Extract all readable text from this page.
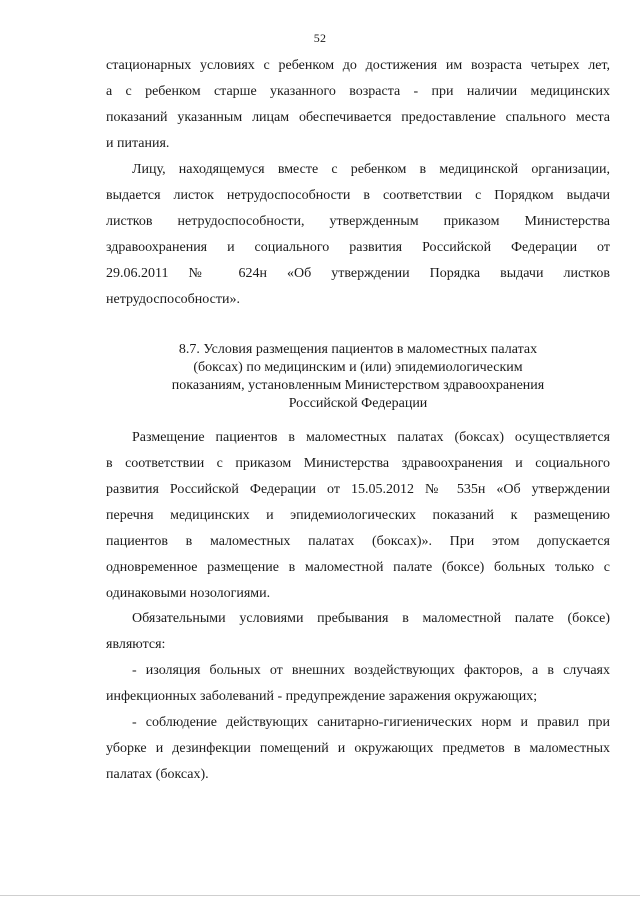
52
стационарных условиях с ребенком до достижения им возраста четырех лет,
а с ребенком старше указанного возраста - при наличии медицинских
показаний указанным лицам обеспечивается предоставление спального места
и питания.
Лицу, находящемуся вместе с ребенком в медицинской организации,
выдается листок нетрудоспособности в соответствии с Порядком выдачи
листков нетрудоспособности, утвержденным приказом Министерства
здравоохранения и социального развития Российской Федерации от
29.06.2011 № 624н «Об утверждении Порядка выдачи листков
нетрудоспособности».
8.7. Условия размещения пациентов в маломестных палатах
(боксах) по медицинским и (или) эпидемиологическим
показаниям, установленным Министерством здравоохранения
Российской Федерации
Размещение пациентов в маломестных палатах (боксах) осуществляется
в соответствии с приказом Министерства здравоохранения и социального
развития Российской Федерации от 15.05.2012 № 535н «Об утверждении
перечня медицинских и эпидемиологических показаний к размещению
пациентов в маломестных палатах (боксах)». При этом допускается
одновременное размещение в маломестной палате (боксе) больных только с
одинаковыми нозологиями.
Обязательными условиями пребывания в маломестной палате (боксе)
являются:
- изоляция больных от внешних воздействующих факторов, а в случаях
инфекционных заболеваний - предупреждение заражения окружающих;
- соблюдение действующих санитарно-гигиенических норм и правил при
уборке и дезинфекции помещений и окружающих предметов в маломестных
палатах (боксах).
